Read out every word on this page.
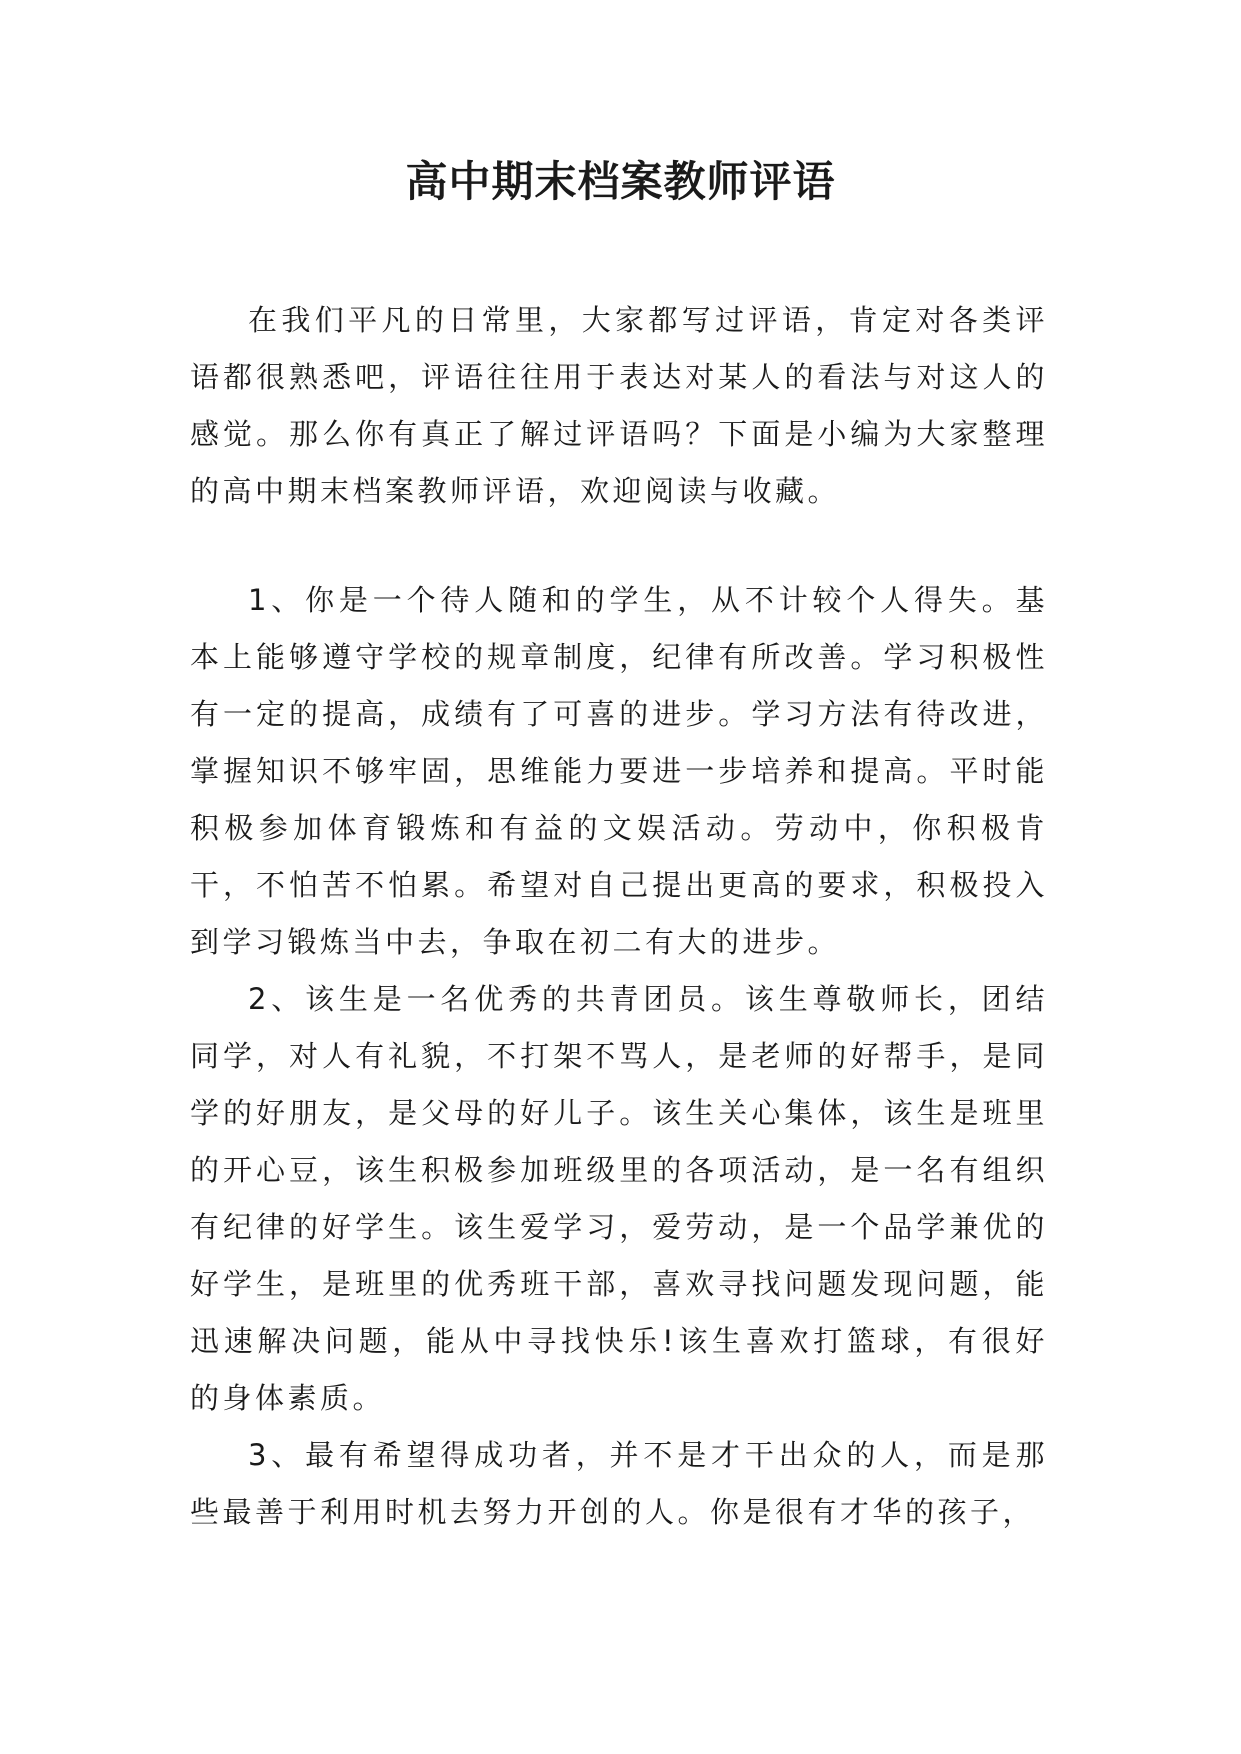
高中期末档案教师评语

在我们平凡的日常里，大家都写过评语，肯定对各类评语都很熟悉吧，评语往往用于表达对某人的看法与对这人的感觉。那么你有真正了解过评语吗？下面是小编为大家整理的高中期末档案教师评语，欢迎阅读与收藏。

1、你是一个待人随和的学生，从不计较个人得失。基本上能够遵守学校的规章制度，纪律有所改善。学习积极性有一定的提高，成绩有了可喜的进步。学习方法有待改进，掌握知识不够牢固，思维能力要进一步培养和提高。平时能积极参加体育锻炼和有益的文娱活动。劳动中，你积极肯干，不怕苦不怕累。希望对自己提出更高的要求，积极投入到学习锻炼当中去，争取在初二有大的进步。

2、该生是一名优秀的共青团员。该生尊敬师长，团结同学，对人有礼貌，不打架不骂人，是老师的好帮手，是同学的好朋友，是父母的好儿子。该生关心集体，该生是班里的开心豆，该生积极参加班级里的各项活动，是一名有组织有纪律的好学生。该生爱学习，爱劳动，是一个品学兼优的好学生，是班里的优秀班干部，喜欢寻找问题发现问题，能迅速解决问题，能从中寻找快乐!该生喜欢打篮球，有很好的身体素质。

3、最有希望得成功者，并不是才干出众的人，而是那些最善于利用时机去努力开创的人。你是很有才华的孩子，
